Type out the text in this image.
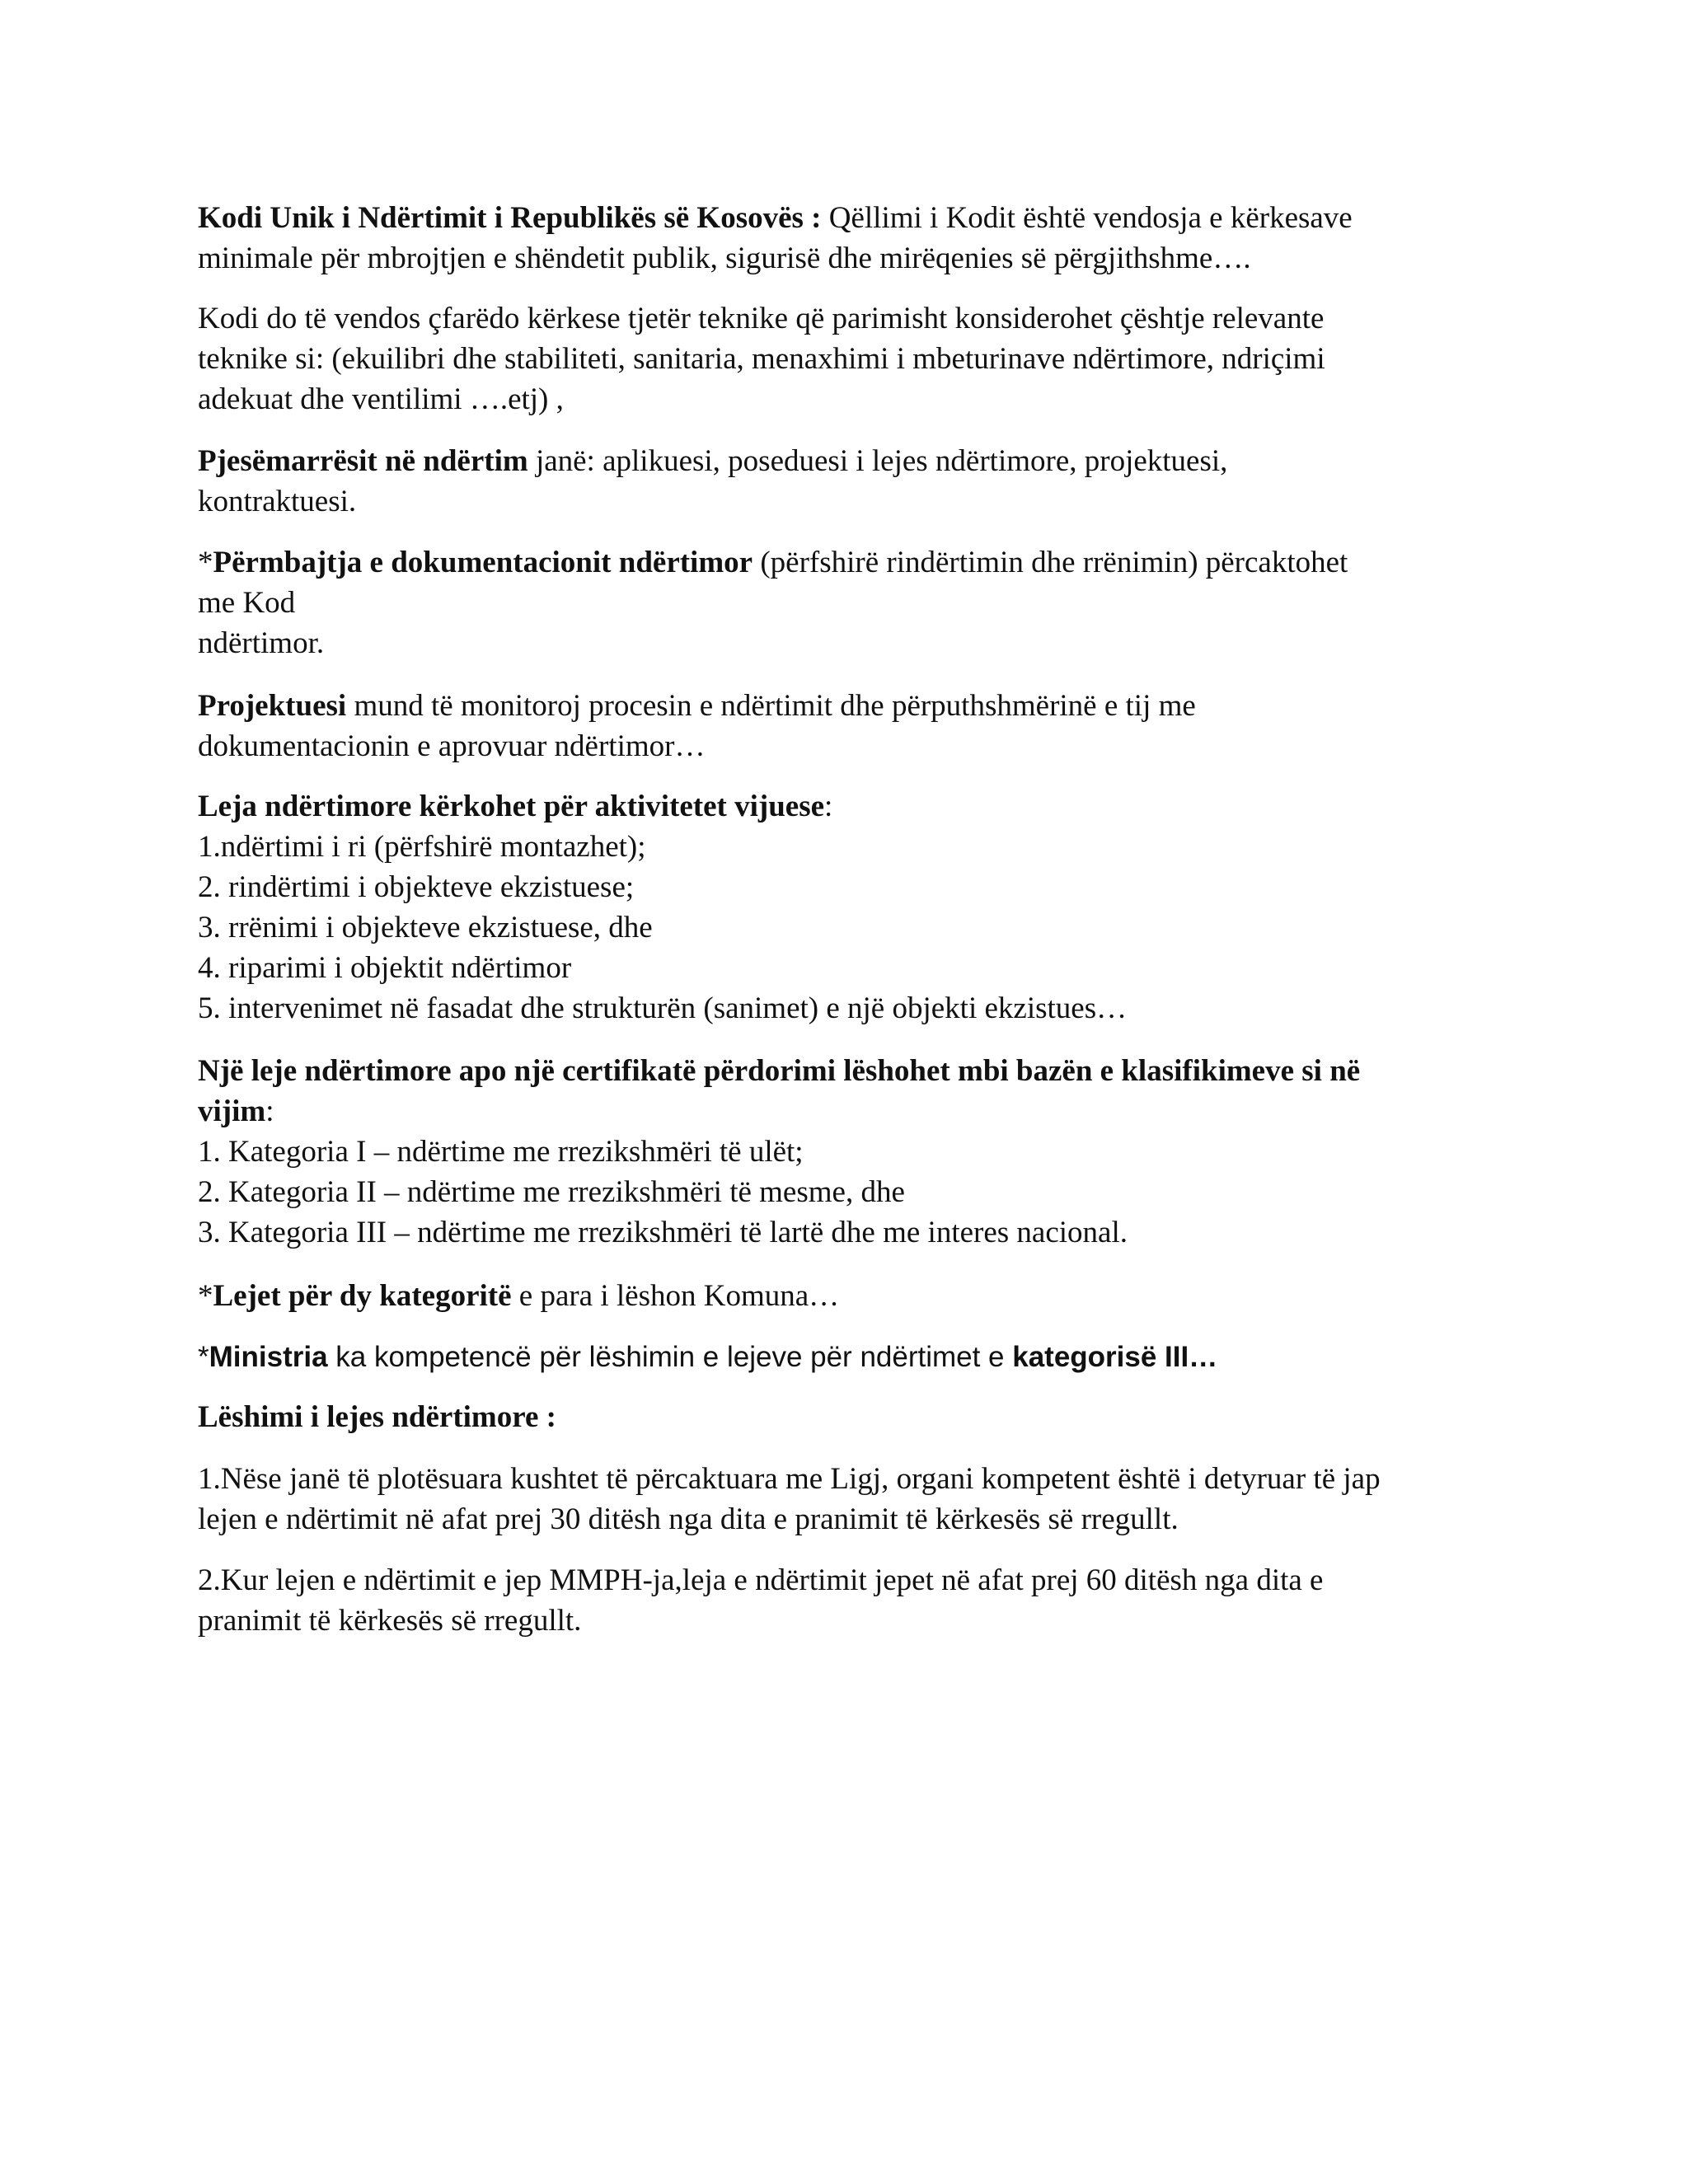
Kodi Unik i Ndërtimit i Republikës së Kosovës : Qëllimi i Kodit është vendosja e kërkesave
minimale për mbrojtjen e shëndetit publik, sigurisë dhe mirëqenies së përgjithshme….

Kodi do të vendos çfarëdo kërkese tjetër teknike që parimisht konsiderohet çështje relevante
teknike si: (ekuilibri dhe stabiliteti, sanitaria, menaxhimi i mbeturinave ndërtimore, ndriçimi
adekuat dhe ventilimi ….etj) ,

Pjesëmarrësit në ndërtim janë: aplikuesi, poseduesi i lejes ndërtimore, projektuesi,
kontraktuesi.

*Përmbajtja e dokumentacionit ndërtimor (përfshirë rindërtimin dhe rrënimin) përcaktohet
me Kod
ndërtimor.

Projektuesi mund të monitoroj procesin e ndërtimit dhe përputhshmërinë e tij me
dokumentacionin e aprovuar ndërtimor…

Leja ndërtimore kërkohet për aktivitetet vijuese:
1.ndërtimi i ri (përfshirë montazhet);
2. rindërtimi i objekteve ekzistuese;
3. rrënimi i objekteve ekzistuese, dhe
4. riparimi i objektit ndërtimor
5. intervenimet në fasadat dhe strukturën (sanimet) e një objekti ekzistues…

Një leje ndërtimore apo një certifikatë përdorimi lëshohet mbi bazën e klasifikimeve si në
vijim:
1. Kategoria I – ndërtime me rrezikshmëri të ulët;
2. Kategoria II – ndërtime me rrezikshmëri të mesme, dhe
3. Kategoria III – ndërtime me rrezikshmëri të lartë dhe me interes nacional.

*Lejet për dy kategoritë e para i lëshon Komuna…

*Ministria ka kompetencë për lëshimin e lejeve për ndërtimet e kategorisë III…

Lëshimi i lejes ndërtimore :

1.Nëse janë të plotësuara kushtet të përcaktuara me Ligj, organi kompetent është i detyruar të jap
lejen e ndërtimit në afat prej 30 ditësh nga dita e pranimit të kërkesës së rregullt.

2.Kur lejen e ndërtimit e jep MMPH-ja,leja e ndërtimit jepet në afat prej 60 ditësh nga dita e
pranimit të kërkesës së rregullt.
